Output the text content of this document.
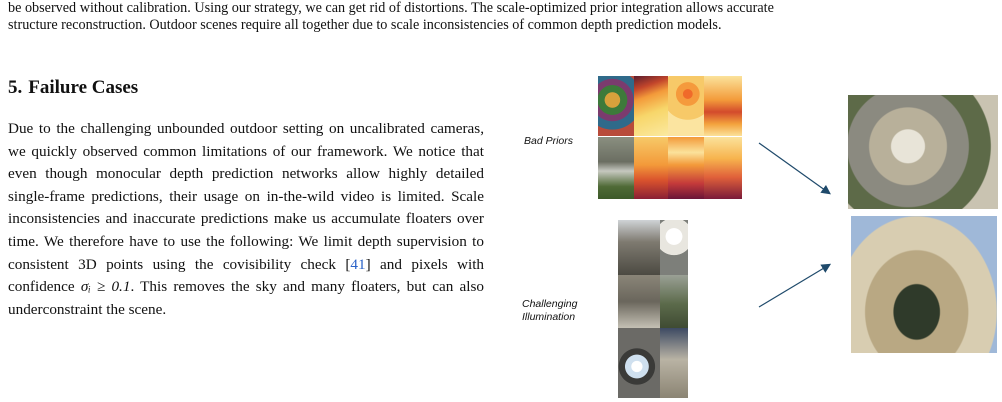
be observed without calibration. Using our strategy, we can get rid of distortions. The scale-optimized prior integration allows accurate

structure reconstruction. Outdoor scenes require all together due to scale inconsistencies of common depth prediction models.

5. Failure Cases
Due to the challenging unbounded outdoor setting on uncalibrated cameras, we quickly observed common limitations of our framework. We notice that even though monocular depth prediction networks allow highly detailed single-frame predictions, their usage on in-the-wild video is limited. Scale inconsistencies and inaccurate predictions make us accumulate floaters over time. We therefore have to use the following: We limit depth supervision to consistent 3D points using the covisibility check [41] and pixels with confidence σᵢ ≥ 0.1. This removes the sky and many floaters, but can also underconstraint the scene.
Bad Priors
Challenging
Illumination
